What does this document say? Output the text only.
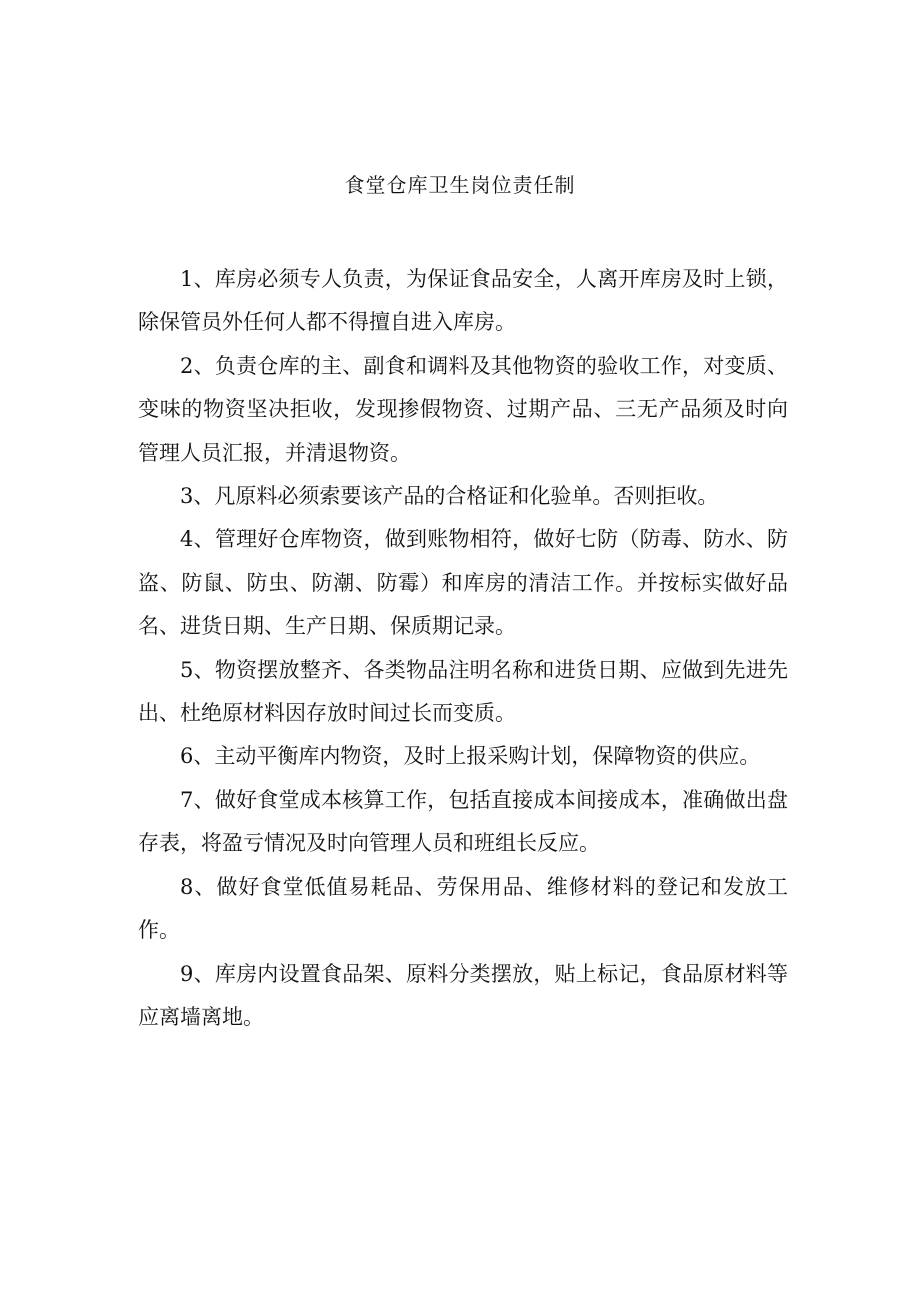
食堂仓库卫生岗位责任制

1、库房必须专人负责，为保证食品安全，人离开库房及时上锁，除保管员外任何人都不得擅自进入库房。

2、负责仓库的主、副食和调料及其他物资的验收工作，对变质、变味的物资坚决拒收，发现掺假物资、过期产品、三无产品须及时向管理人员汇报，并清退物资。

3、凡原料必须索要该产品的合格证和化验单。否则拒收。

4、管理好仓库物资，做到账物相符，做好七防（防毒、防水、防盗、防鼠、防虫、防潮、防霉）和库房的清洁工作。并按标实做好品名、进货日期、生产日期、保质期记录。

5、物资摆放整齐、各类物品注明名称和进货日期、应做到先进先出、杜绝原材料因存放时间过长而变质。

6、主动平衡库内物资，及时上报采购计划，保障物资的供应。

7、做好食堂成本核算工作，包括直接成本间接成本，准确做出盘存表，将盈亏情况及时向管理人员和班组长反应。

8、做好食堂低值易耗品、劳保用品、维修材料的登记和发放工作。

9、库房内设置食品架、原料分类摆放，贴上标记，食品原材料等应离墙离地。
